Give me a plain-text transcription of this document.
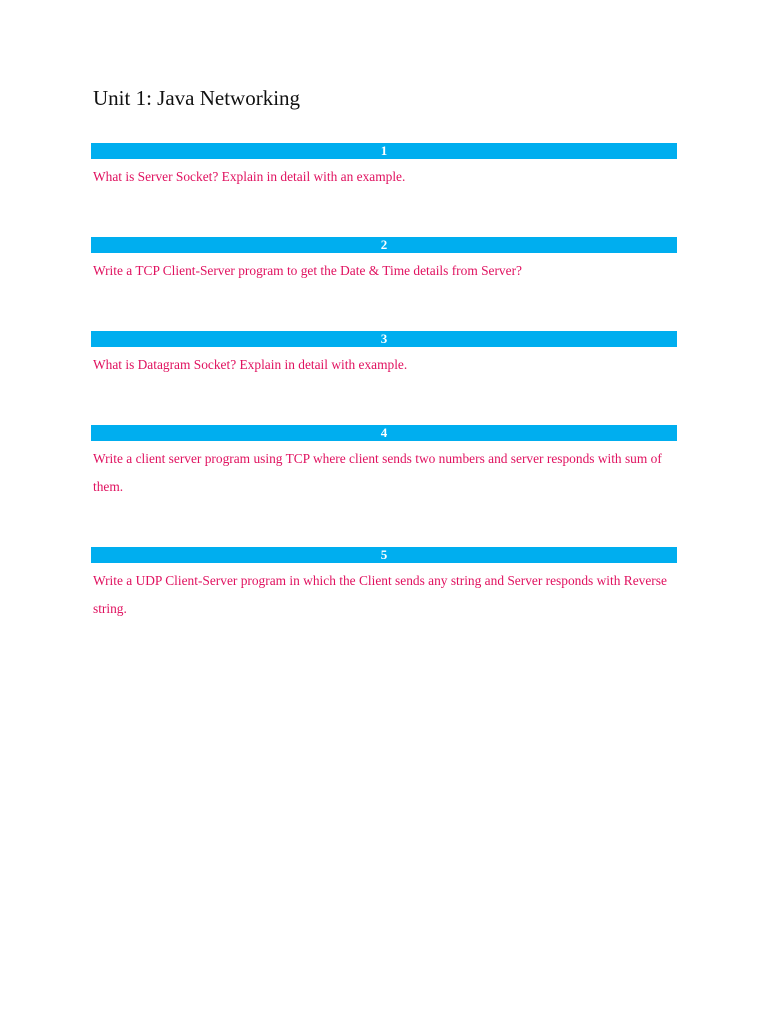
Unit 1: Java Networking
1

What is Server Socket? Explain in detail with an example.

2

Write a TCP Client-Server program to get the Date & Time details from Server?

3

What is Datagram Socket? Explain in detail with example.

4

Write a client server program using TCP where client sends two numbers and server responds with sum of them.

5

Write a UDP Client-Server program in which the Client sends any string and Server responds with Reverse string.
